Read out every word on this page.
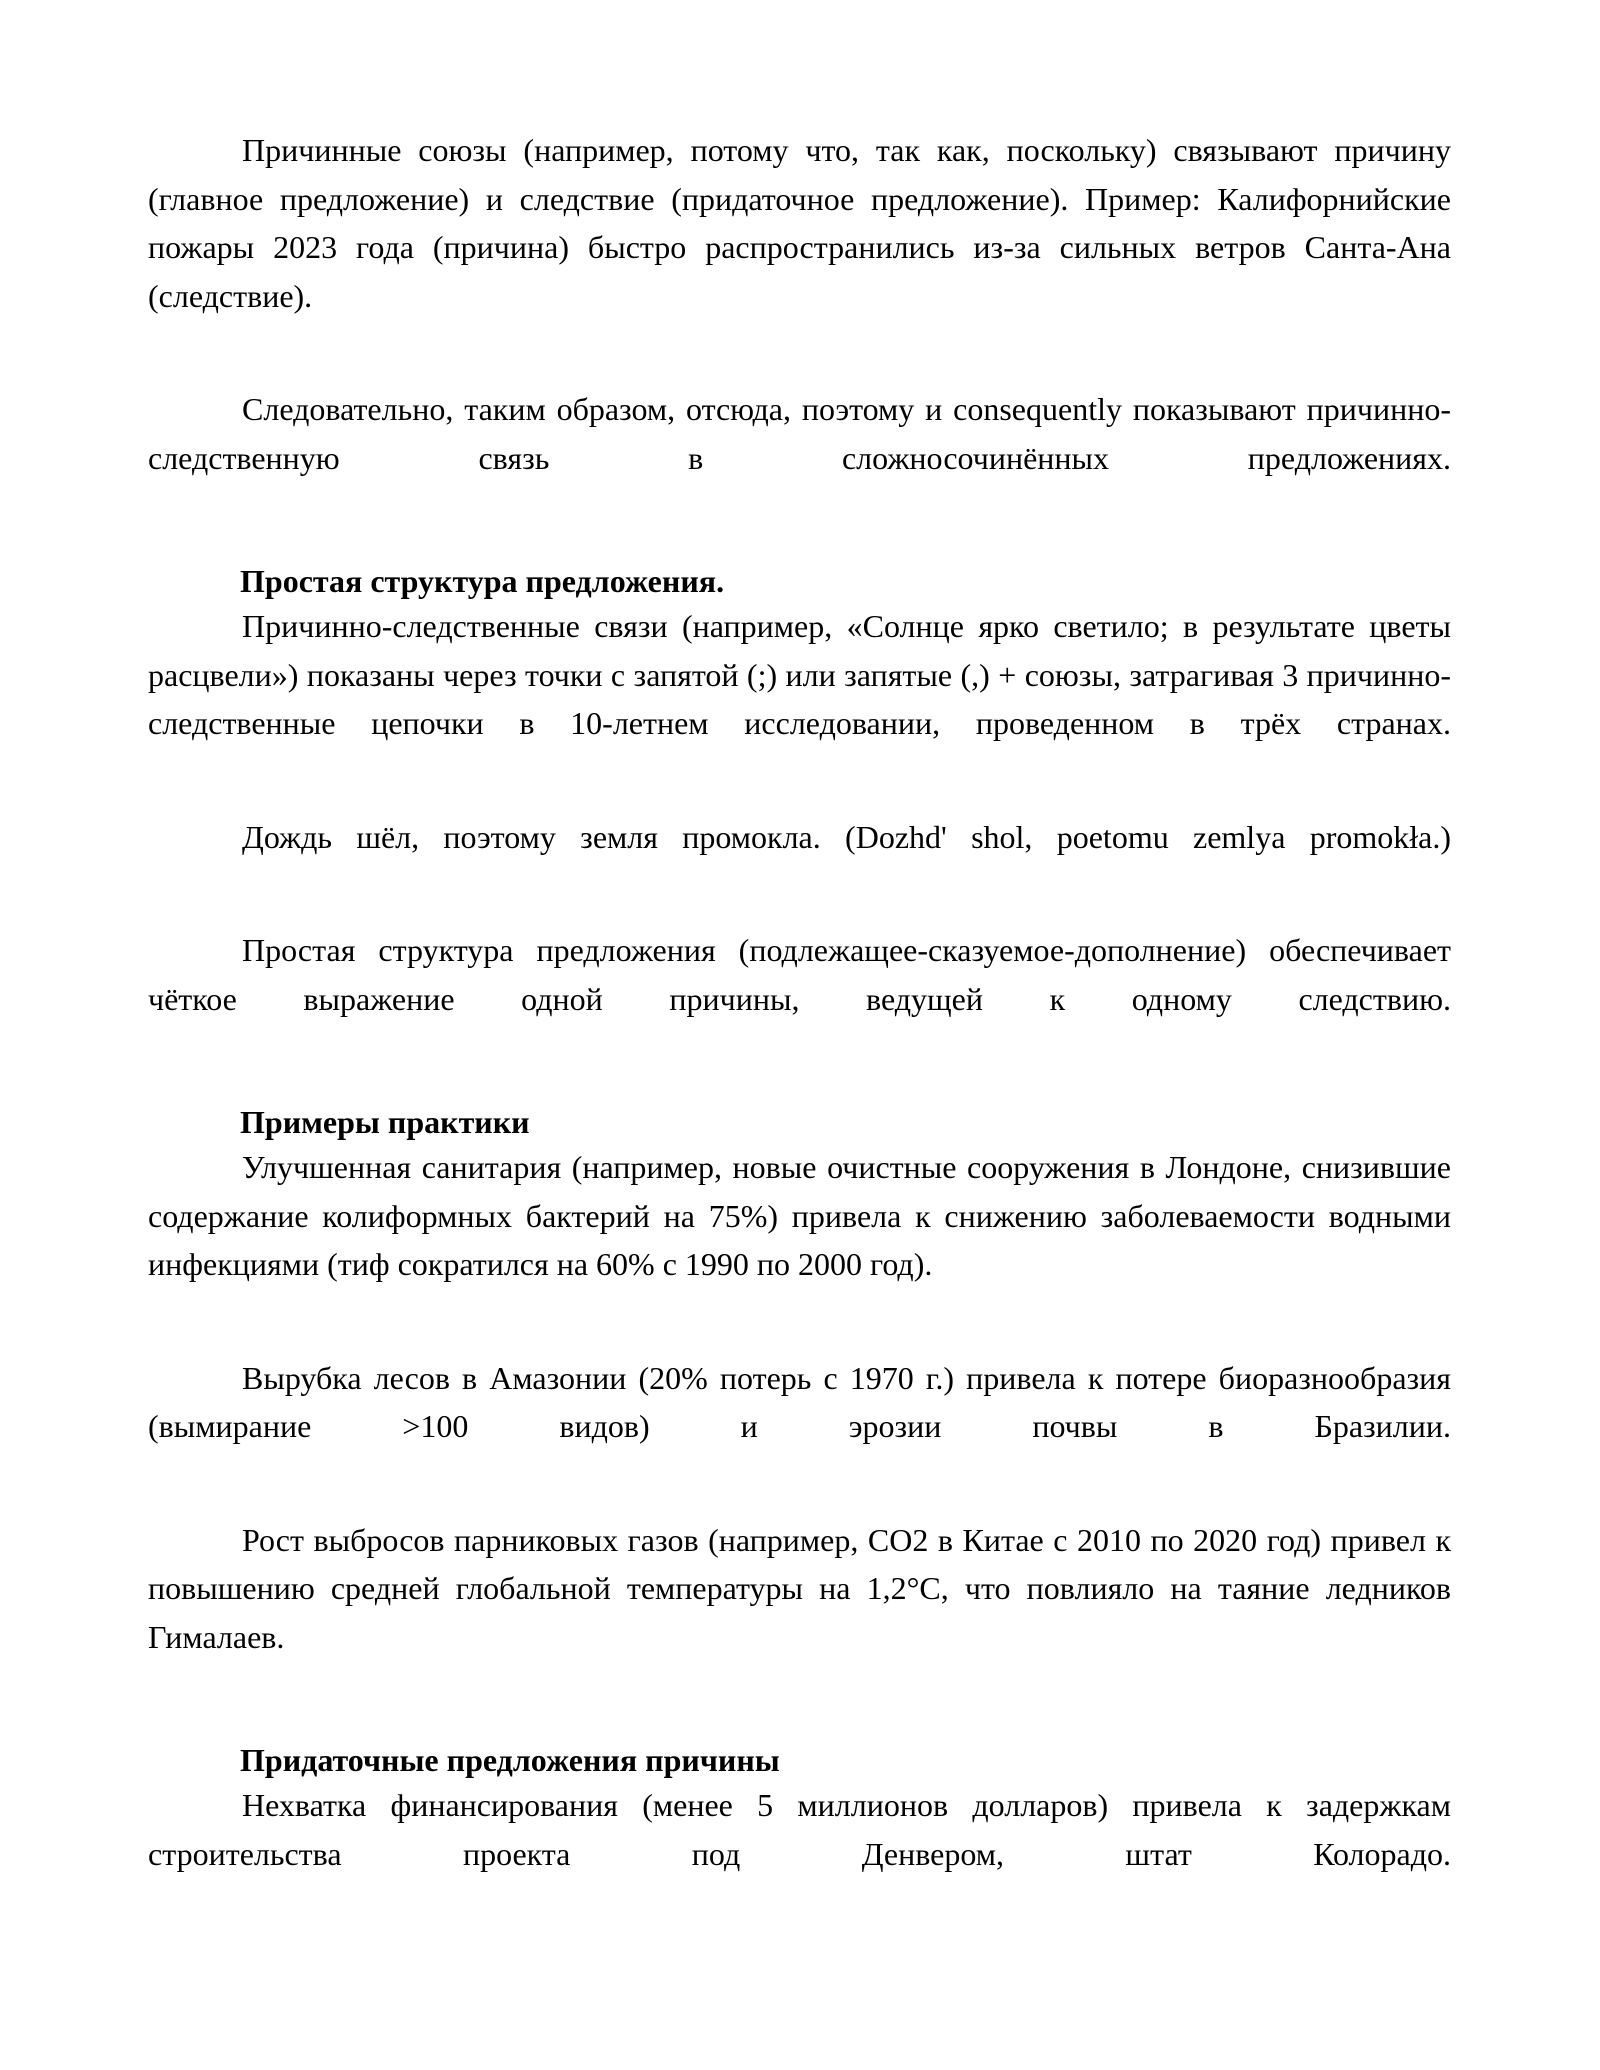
Причинные союзы (например, потому что, так как, поскольку) связывают причину (главное предложение) и следствие (придаточное предложение). Пример: Калифорнийские пожары 2023 года (причина) быстро распространились из-за сильных ветров Санта-Ана (следствие).

Следовательно, таким образом, отсюда, поэтому и consequently показывают причинно-следственную связь в сложносочинённых предложениях.

Простая структура предложения.

Причинно-следственные связи (например, «Солнце ярко светило; в результате цветы расцвели») показаны через точки с запятой (;) или запятые (,) + союзы, затрагивая 3 причинно-следственные цепочки в 10-летнем исследовании, проведенном в трёх странах.

Дождь шёл, поэтому земля промокла. (Dozhd' shol, poetomu zemlya promokła.)

Простая структура предложения (подлежащее-сказуемое-дополнение) обеспечивает чёткое выражение одной причины, ведущей к одному следствию.

Примеры практики

Улучшенная санитария (например, новые очистные сооружения в Лондоне, снизившие содержание колиформных бактерий на 75%) привела к снижению заболеваемости водными инфекциями (тиф сократился на 60% с 1990 по 2000 год).

Вырубка лесов в Амазонии (20% потерь с 1970 г.) привела к потере биоразнообразия (вымирание >100 видов) и эрозии почвы в Бразилии.

Рост выбросов парниковых газов (например, CO2 в Китае с 2010 по 2020 год) привел к повышению средней глобальной температуры на 1,2°C, что повлияло на таяние ледников Гималаев.

Придаточные предложения причины

Нехватка финансирования (менее 5 миллионов долларов) привела к задержкам строительства проекта под Денвером, штат Колорадо.
